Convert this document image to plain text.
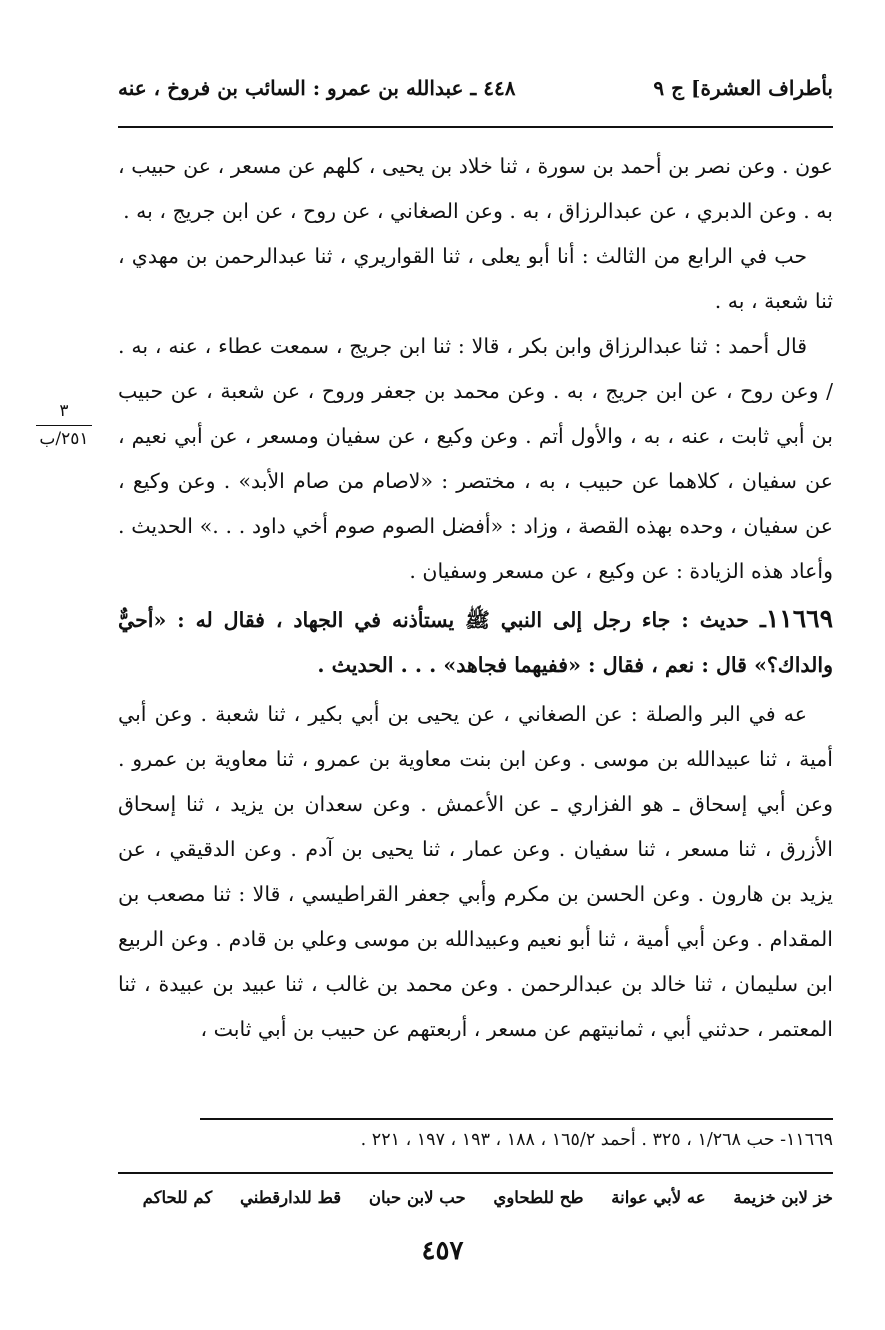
بأطراف العشرة] ج ٩
٤٤٨ ـ عبدالله بن عمرو : السائب بن فروخ ، عنه
٣
٢٥١/ب

عون . وعن نصر بن أحمد بن سورة ، ثنا خلاد بن يحيى ، كلهم عن مسعر ، عن حبيب ، به . وعن الدبري ، عن عبدالرزاق ، به . وعن الصغاني ، عن روح ، عن ابن جريج ، به .

حب في الرابع من الثالث : أنا أبو يعلى ، ثنا القواريري ، ثنا عبدالرحمن بن مهدي ، ثنا شعبة ، به .

قال أحمد : ثنا عبدالرزاق وابن بكر ، قالا : ثنا ابن جريج ، سمعت عطاء ، عنه ، به . / وعن روح ، عن ابن جريج ، به . وعن محمد بن جعفر وروح ، عن شعبة ، عن حبيب بن أبي ثابت ، عنه ، به ، والأول أتم . وعن وكيع ، عن سفيان ومسعر ، عن أبي نعيم ، عن سفيان ، كلاهما عن حبيب ، به ، مختصر : «لاصام من صام الأبد» . وعن وكيع ، عن سفيان ، وحده بهذه القصة ، وزاد : «أفضل الصوم صوم أخي داود . . .» الحديث . وأعاد هذه الزيادة : عن وكيع ، عن مسعر وسفيان .

١١٦٦٩ـ حديث : جاء رجل إلى النبي ﷺ يستأذنه في الجهاد ، فقال له : «أحيٌّ والداك؟» قال : نعم ، فقال : «ففيهما فجاهد» . . . الحديث .

عه في البر والصلة : عن الصغاني ، عن يحيى بن أبي بكير ، ثنا شعبة . وعن أبي أمية ، ثنا عبيدالله بن موسى . وعن ابن بنت معاوية بن عمرو ، ثنا معاوية بن عمرو . وعن أبي إسحاق ـ هو الفزاري ـ عن الأعمش . وعن سعدان بن يزيد ، ثنا إسحاق الأزرق ، ثنا مسعر ، ثنا سفيان . وعن عمار ، ثنا يحيى بن آدم . وعن الدقيقي ، عن يزيد بن هارون . وعن الحسن بن مكرم وأبي جعفر القراطيسي ، قالا : ثنا مصعب بن المقدام . وعن أبي أمية ، ثنا أبو نعيم وعبيدالله بن موسى وعلي بن قادم . وعن الربيع ابن سليمان ، ثنا خالد بن عبدالرحمن . وعن محمد بن غالب ، ثنا عبيد بن عبيدة ، ثنا المعتمر ، حدثني أبي ، ثمانيتهم عن مسعر ، أربعتهم عن حبيب بن أبي ثابت ،

١١٦٦٩- حب ١/٢٦٨ ، ٣٢٥ . أحمد ١٦٥/٢ ، ١٨٨ ، ١٩٣ ، ١٩٧ ، ٢٢١ .
خز لابن خزيمة عه لأبي عوانة طح للطحاوي حب لابن حبان قط للدارقطني كم للحاكم
٤٥٧
